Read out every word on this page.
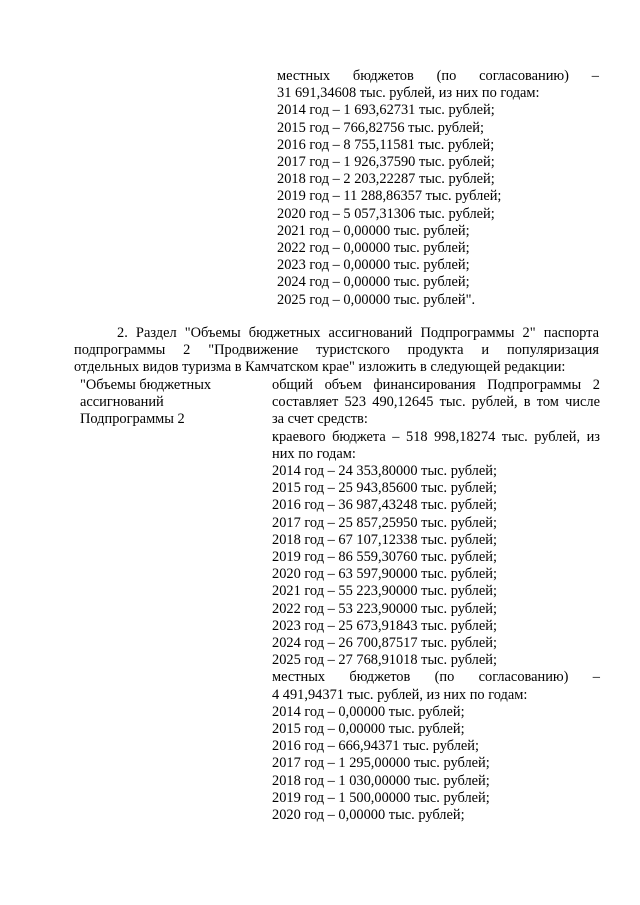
местных бюджетов (по согласованию) –
31 691,34608 тыс. рублей, из них по годам:
2014 год – 1 693,62731 тыс. рублей;
2015 год – 766,82756 тыс. рублей;
2016 год – 8 755,11581 тыс. рублей;
2017 год – 1 926,37590 тыс. рублей;
2018 год – 2 203,22287 тыс. рублей;
2019 год – 11 288,86357 тыс. рублей;
2020 год – 5 057,31306 тыс. рублей;
2021 год – 0,00000 тыс. рублей;
2022 год – 0,00000 тыс. рублей;
2023 год – 0,00000 тыс. рублей;
2024 год – 0,00000 тыс. рублей;
2025 год – 0,00000 тыс. рублей".
2. Раздел "Объемы бюджетных ассигнований Подпрограммы 2" паспорта
подпрограммы 2 "Продвижение туристского продукта и популяризация
отдельных видов туризма в Камчатском крае" изложить в следующей редакции:
"Объемы бюджетных
ассигнований
Подпрограммы 2
общий объем финансирования Подпрограммы 2
составляет 523 490,12645 тыс. рублей, в том числе
за счет средств:
краевого бюджета – 518 998,18274 тыс. рублей, из
них по годам:
2014 год – 24 353,80000 тыс. рублей;
2015 год – 25 943,85600 тыс. рублей;
2016 год – 36 987,43248 тыс. рублей;
2017 год – 25 857,25950 тыс. рублей;
2018 год – 67 107,12338 тыс. рублей;
2019 год – 86 559,30760 тыс. рублей;
2020 год – 63 597,90000 тыс. рублей;
2021 год – 55 223,90000 тыс. рублей;
2022 год – 53 223,90000 тыс. рублей;
2023 год – 25 673,91843 тыс. рублей;
2024 год – 26 700,87517 тыс. рублей;
2025 год – 27 768,91018 тыс. рублей;
местных бюджетов (по согласованию) –
4 491,94371 тыс. рублей, из них по годам:
2014 год – 0,00000 тыс. рублей;
2015 год – 0,00000 тыс. рублей;
2016 год – 666,94371 тыс. рублей;
2017 год – 1 295,00000 тыс. рублей;
2018 год – 1 030,00000 тыс. рублей;
2019 год – 1 500,00000 тыс. рублей;
2020 год – 0,00000 тыс. рублей;
